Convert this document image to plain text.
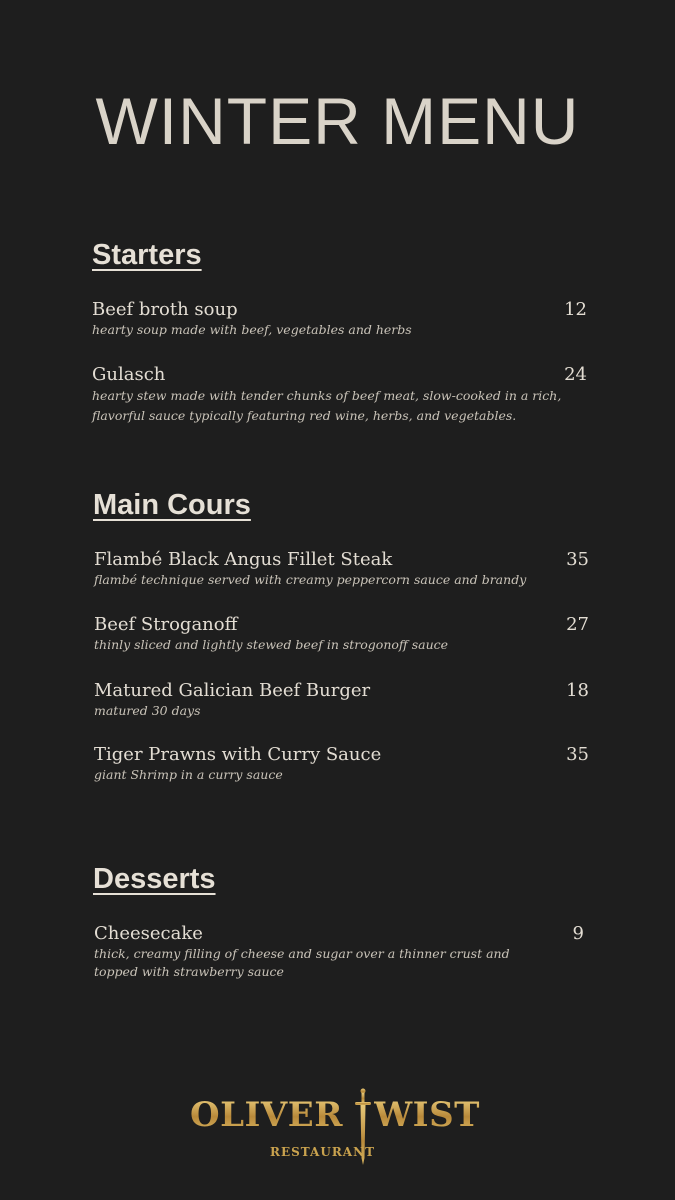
WINTER MENU
Starters
Beef broth soup
hearty soup made with beef, vegetables and herbs
12
Gulasch
hearty stew made with tender chunks of beef meat, slow-cooked in a rich, flavorful sauce typically featuring red wine, herbs, and vegetables.
24
Main Cours
Flambé Black Angus Fillet Steak
flambé technique served with creamy peppercorn sauce and brandy
35
Beef Stroganoff
thinly sliced and lightly stewed beef in strogonoff sauce
27
Matured Galician Beef Burger
matured 30 days
18
Tiger Prawns with Curry Sauce
giant Shrimp in a curry sauce
35
Desserts
Cheesecake
thick, creamy filling of cheese and sugar over a thinner crust and topped with strawberry sauce
9
OLIVER WIST
RESTAURANT
